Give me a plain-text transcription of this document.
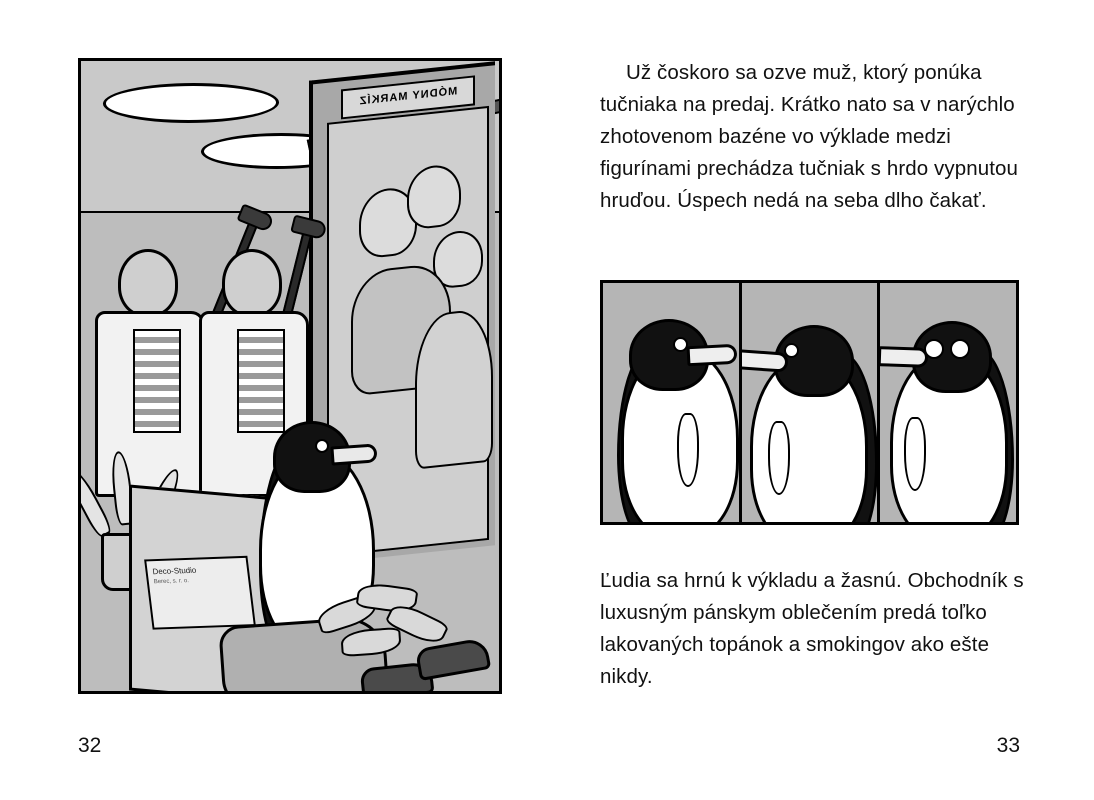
MÓDNY MARKÍZ
Deco-Studio
Berec, s. r. o.
32
Už čoskoro sa ozve muž, ktorý ponúka tučniaka na predaj. Krátko nato sa v narýchlo zhotovenom bazéne vo výklade medzi figurínami prechádza tučniak s hrdo vypnutou hruďou. Úspech nedá na seba dlho čakať.
Ľudia sa hrnú k výkladu a žasnú. Obchodník s luxusným pánskym oblečením predá toľko lakovaných topánok a smokingov ako ešte nikdy.
33
